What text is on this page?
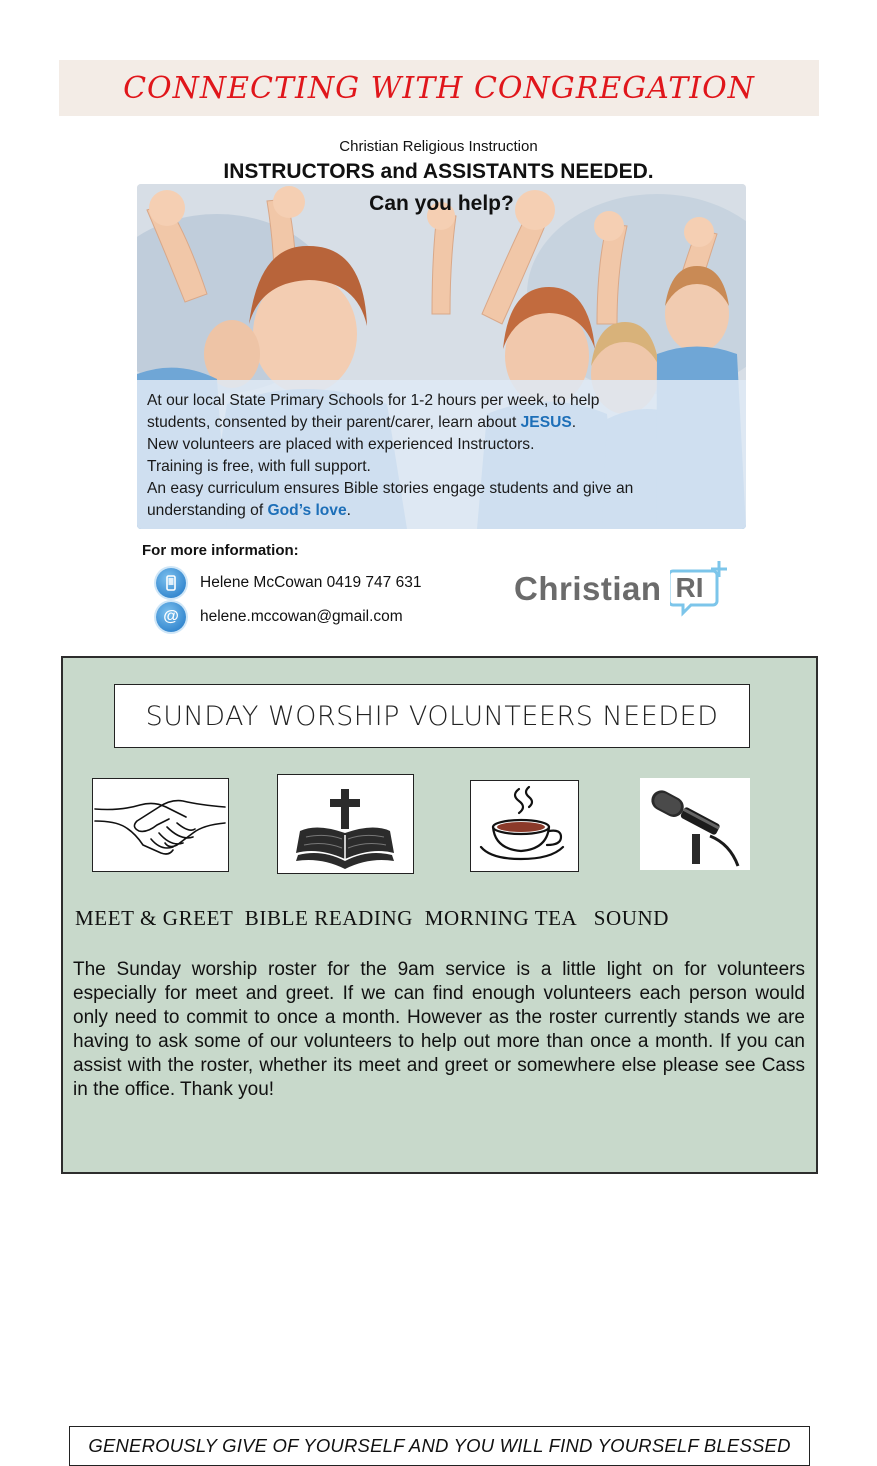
CONNECTING WITH CONGREGATION
Christian Religious Instruction
INSTRUCTORS and ASSISTANTS NEEDED.
Can you help?

At our local State Primary Schools for 1-2 hours per week, to help

students, consented by their parent/carer, learn about JESUS.

New volunteers are placed with experienced Instructors.

Training is free, with full support.

An easy curriculum ensures Bible stories engage students and give an

understanding of God’s love.

For more information:
Helene McCowan 0419 747 631
@	helene.mccowan@gmail.com
Christian RI
SUNDAY WORSHIP VOLUNTEERS NEEDED
MEET & GREET  BIBLE READING  MORNING TEA   SOUND
The Sunday worship roster for the 9am service is a little light on for volunteers especially for meet and greet. If we can find enough volunteers each person would only need to commit to once a month. However as the roster currently stands we are having to ask some of our volunteers to help out more than once a month. If you can assist with the roster, whether its meet and greet or somewhere else please see Cass in the office. Thank you!
GENEROUSLY GIVE OF YOURSELF AND YOU WILL FIND YOURSELF BLESSED
